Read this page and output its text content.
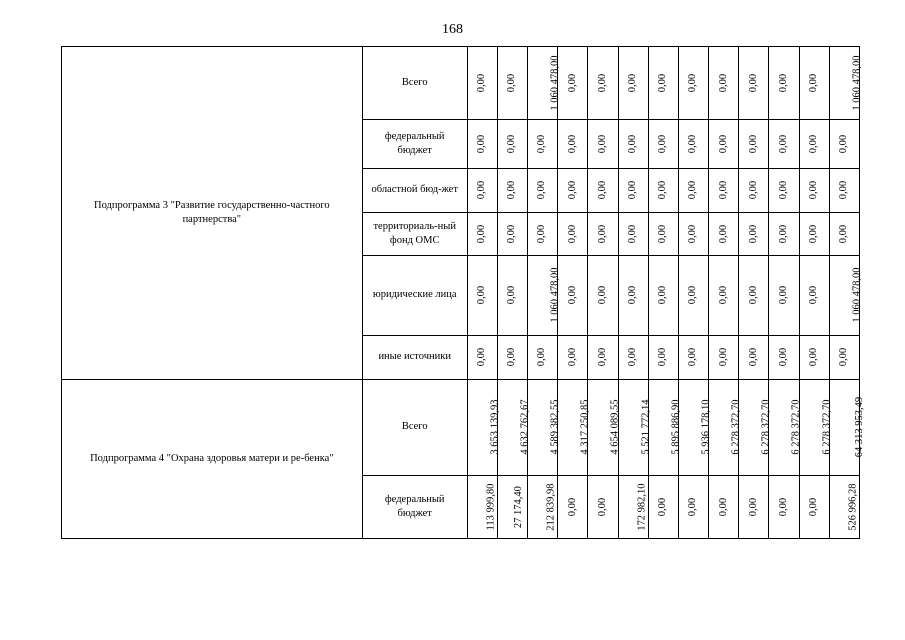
168
Подпрограмма 3 "Развитие государственно-частного партнерства"	Всего	0,00	0,00	1 060 478,00	0,00	0,00	0,00	0,00	0,00	0,00	0,00	0,00	0,00	1 060 478,00
	федеральный бюджет	0,00	0,00	0,00	0,00	0,00	0,00	0,00	0,00	0,00	0,00	0,00	0,00	0,00
	областной бюд-жет	0,00	0,00	0,00	0,00	0,00	0,00	0,00	0,00	0,00	0,00	0,00	0,00	0,00
	территориаль-ный фонд ОМС	0,00	0,00	0,00	0,00	0,00	0,00	0,00	0,00	0,00	0,00	0,00	0,00	0,00
	юридические лица	0,00	0,00	1 060 478,00	0,00	0,00	0,00	0,00	0,00	0,00	0,00	0,00	0,00	1 060 478,00
	иные источники	0,00	0,00	0,00	0,00	0,00	0,00	0,00	0,00	0,00	0,00	0,00	0,00	0,00
Подпрограмма 4 "Охрана здоровья матери и ре-бенка"	Всего	3 653 139,93	4 632 762,67	4 589 382,55	4 317 250,85	4 654 089,55	5 521 772,14	5 895 886,90	5 936 178,10	6 278 372,70	6 278 372,70	6 278 372,70	6 278 372,70	64 313 953,49
	федеральный бюджет	113 999,80	27 174,40	212 839,98	0,00	0,00	172 982,10	0,00	0,00	0,00	0,00	0,00	0,00	526 996,28
